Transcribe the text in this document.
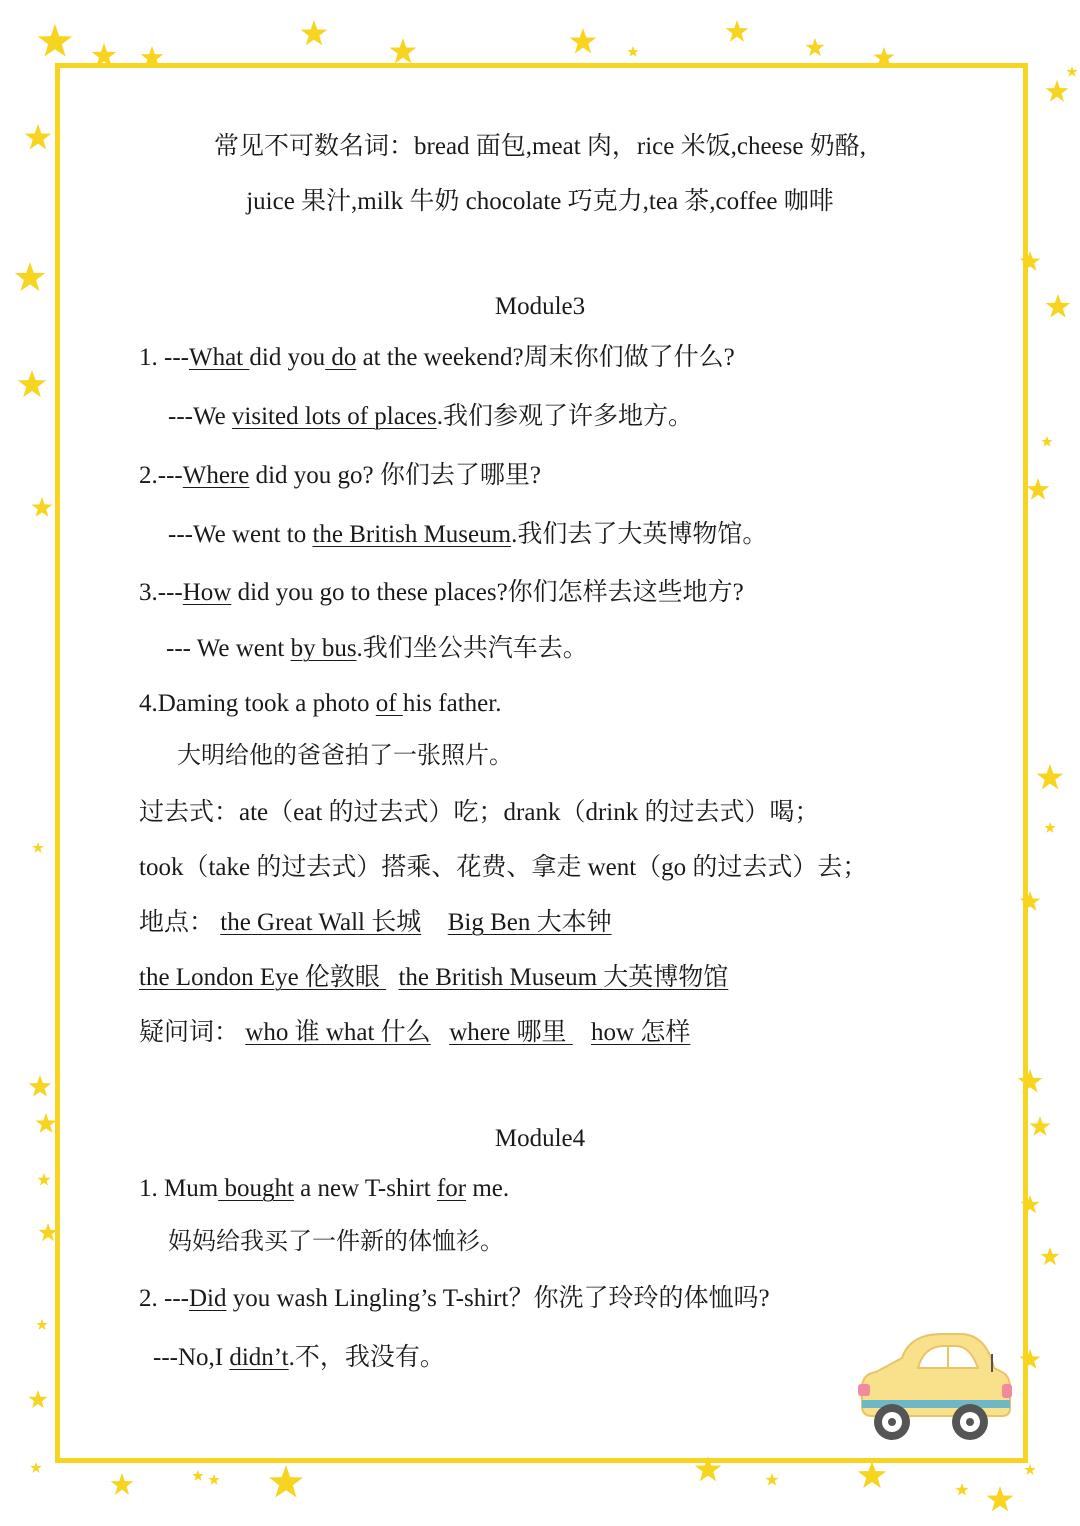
常见不可数名词：bread 面包,meat 肉，rice 米饭,cheese 奶酪,
juice 果汁,milk 牛奶 chocolate 巧克力,tea 茶,coffee 咖啡
Module3
1. ---What did you do at the weekend?周末你们做了什么?
---We visited lots of places.我们参观了许多地方。
2.---Where did you go? 你们去了哪里?
---We went to the British Museum.我们去了大英博物馆。
3.---How did you go to these places?你们怎样去这些地方?
--- We went by bus.我们坐公共汽车去。
4.Daming took a photo of his father.
大明给他的爸爸拍了一张照片。
过去式：ate（eat 的过去式）吃；drank（drink 的过去式）喝；
took（take 的过去式）搭乘、花费、拿走 went（go 的过去式）去；
地点： the Great Wall 长城  Big Ben 大本钟
the London Eye 伦敦眼  the British Museum 大英博物馆
疑问词： who 谁 what 什么 where 哪里  how 怎样
Module4
1. Mum bought a new T-shirt for me.
妈妈给我买了一件新的体恤衫。
2. ---Did you wash Lingling’s T-shirt？你洗了玲玲的体恤吗?
---No,I didn’t.不，我没有。
